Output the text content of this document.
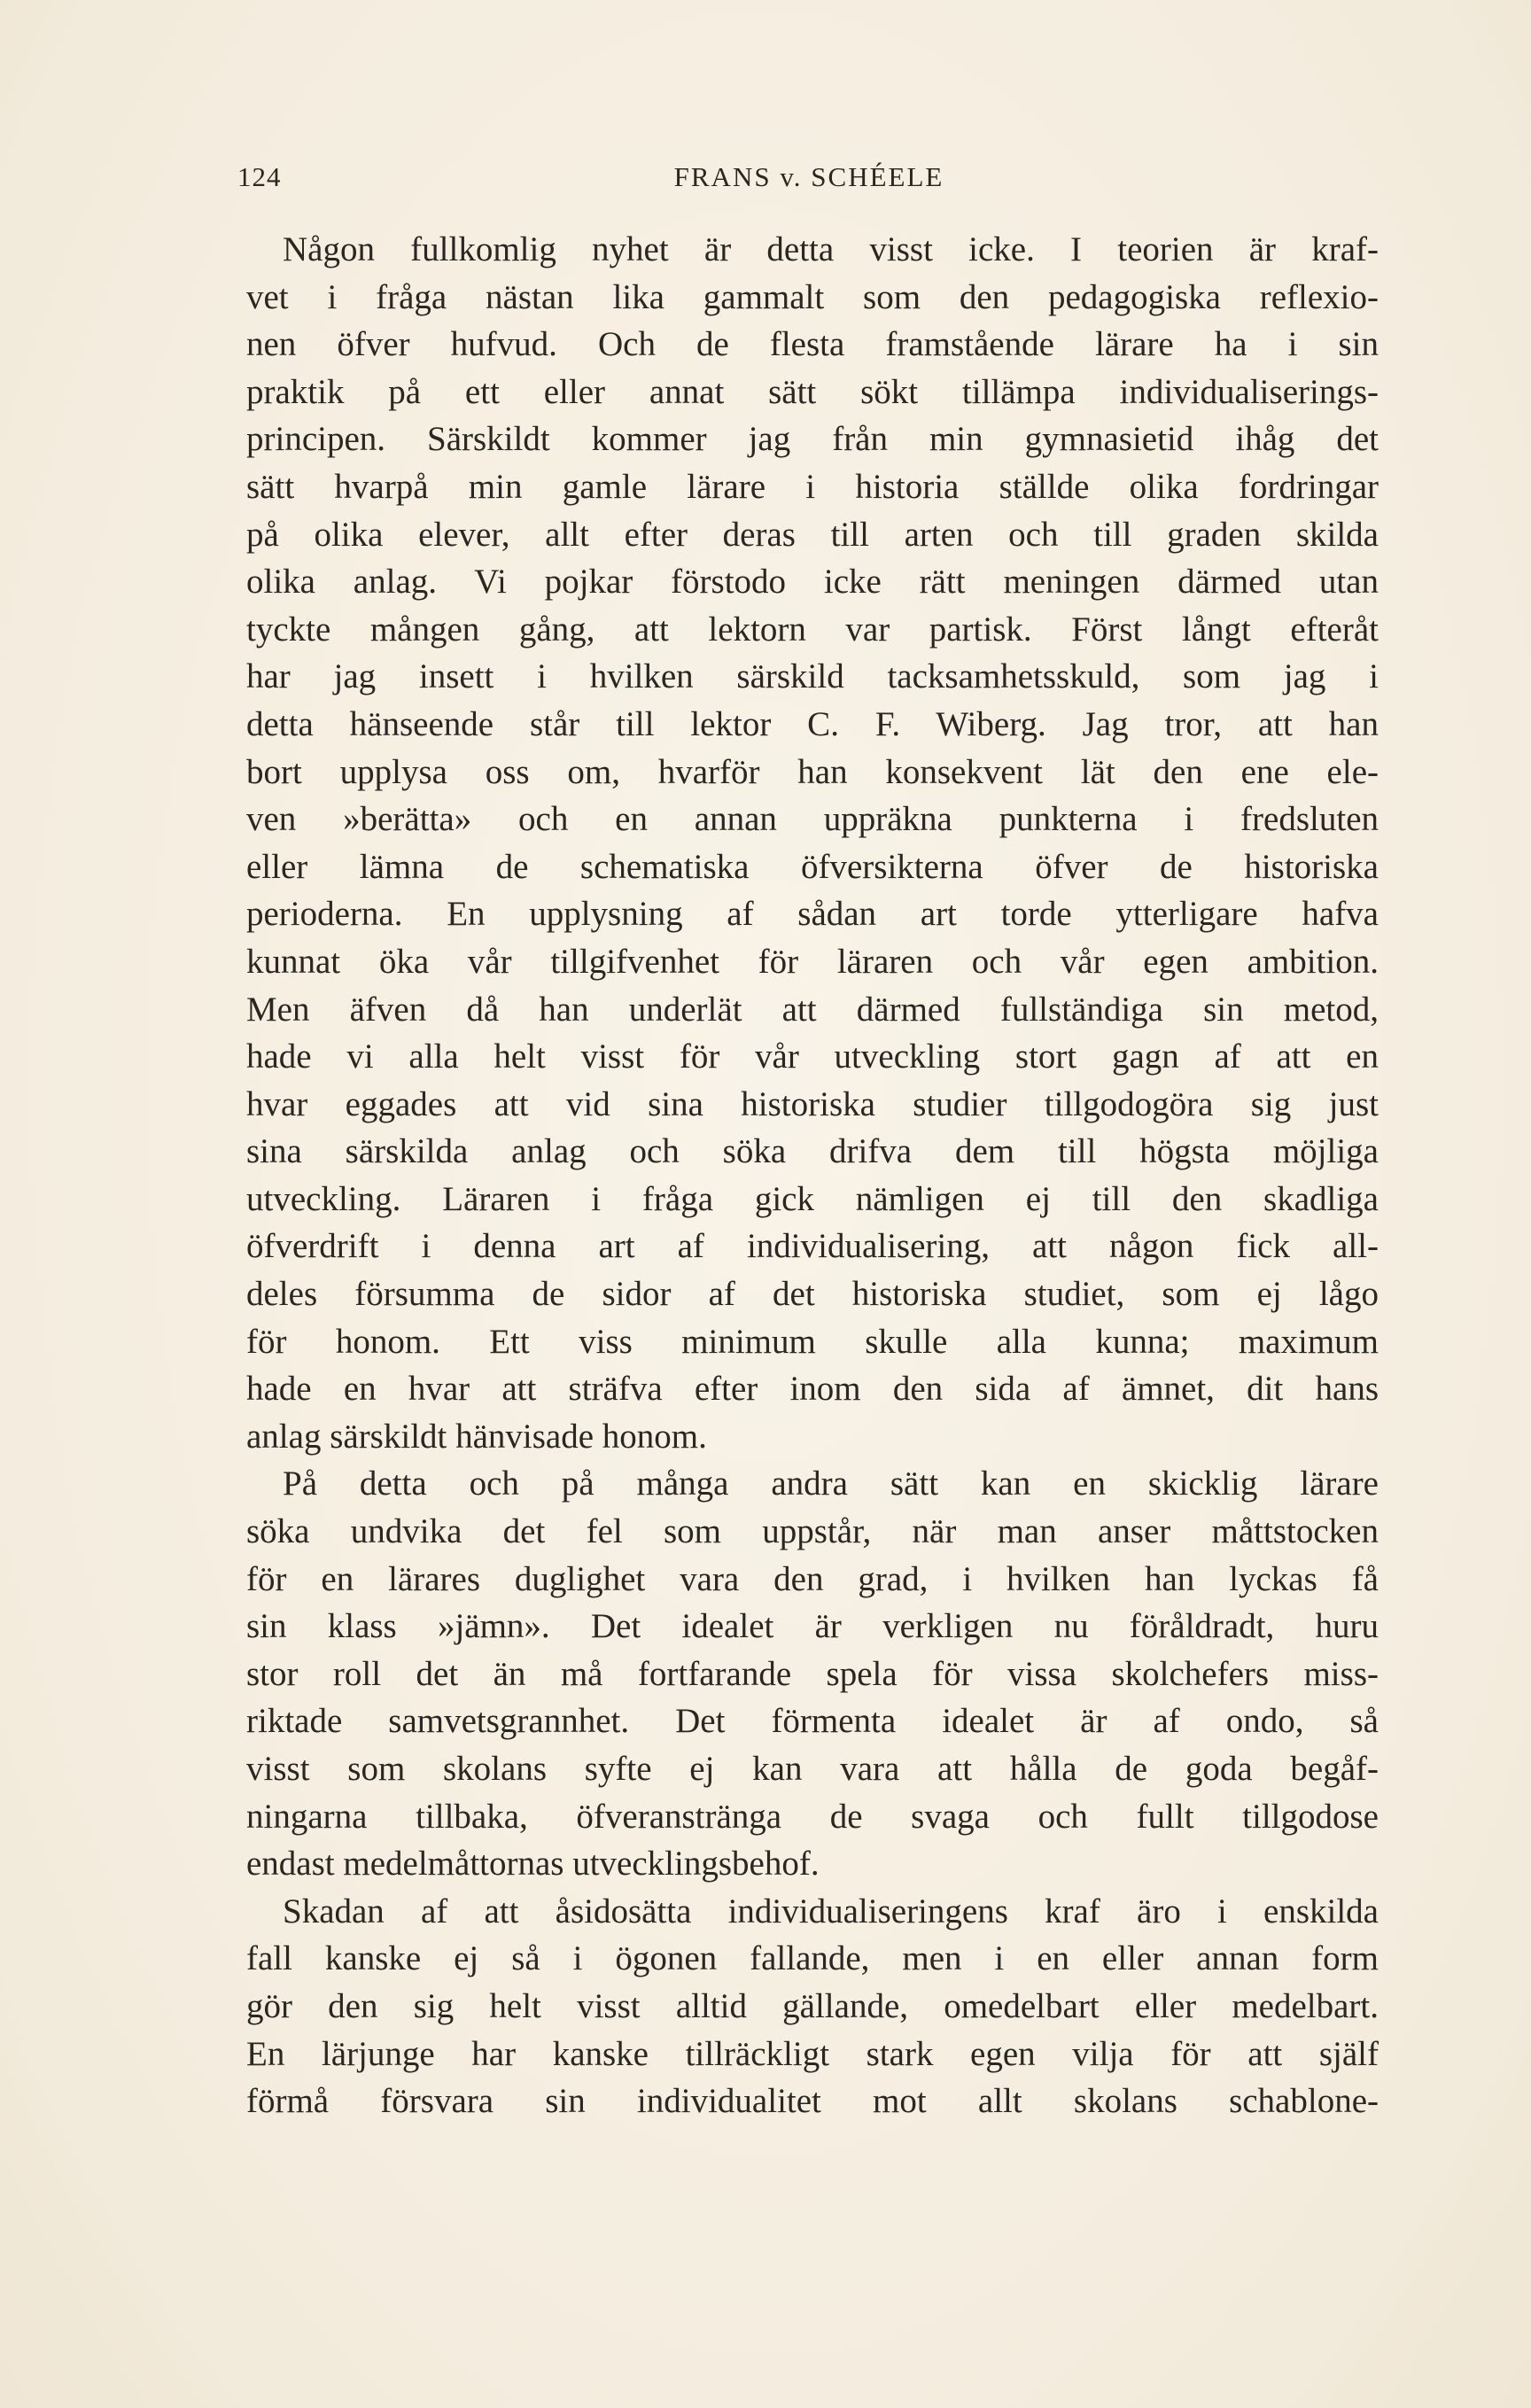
124	FRANS v. SCHÉELE
Någon fullkomlig nyhet är detta visst icke. I teorien är kraf-
vet i fråga nästan lika gammalt som den pedagogiska reflexio-
nen öfver hufvud. Och de flesta framstående lärare ha i sin
praktik på ett eller annat sätt sökt tillämpa individualiserings-
principen. Särskildt kommer jag från min gymnasietid ihåg det
sätt hvarpå min gamle lärare i historia ställde olika fordringar
på olika elever, allt efter deras till arten och till graden skilda
olika anlag. Vi pojkar förstodo icke rätt meningen därmed utan
tyckte mången gång, att lektorn var partisk. Först långt efteråt
har jag insett i hvilken särskild tacksamhetsskuld, som jag i
detta hänseende står till lektor C. F. Wiberg. Jag tror, att han
bort upplysa oss om, hvarför han konsekvent lät den ene ele-
ven »berätta» och en annan uppräkna punkterna i fredsluten
eller lämna de schematiska öfversikterna öfver de historiska
perioderna. En upplysning af sådan art torde ytterligare hafva
kunnat öka vår tillgifvenhet för läraren och vår egen ambition.
Men äfven då han underlät att därmed fullständiga sin metod,
hade vi alla helt visst för vår utveckling stort gagn af att en
hvar eggades att vid sina historiska studier tillgodogöra sig just
sina särskilda anlag och söka drifva dem till högsta möjliga
utveckling. Läraren i fråga gick nämligen ej till den skadliga
öfverdrift i denna art af individualisering, att någon fick all-
deles försumma de sidor af det historiska studiet, som ej lågo
för honom. Ett viss minimum skulle alla kunna; maximum
hade en hvar att sträfva efter inom den sida af ämnet, dit hans
anlag särskildt hänvisade honom.
På detta och på många andra sätt kan en skicklig lärare
söka undvika det fel som uppstår, när man anser måttstocken
för en lärares duglighet vara den grad, i hvilken han lyckas få
sin klass »jämn». Det idealet är verkligen nu föråldradt, huru
stor roll det än må fortfarande spela för vissa skolchefers miss-
riktade samvetsgrannhet. Det förmenta idealet är af ondo, så
visst som skolans syfte ej kan vara att hålla de goda begåf-
ningarna tillbaka, öfveranstränga de svaga och fullt tillgodose
endast medelmåttornas utvecklingsbehof.
Skadan af att åsidosätta individualiseringens kraf äro i enskilda
fall kanske ej så i ögonen fallande, men i en eller annan form
gör den sig helt visst alltid gällande, omedelbart eller medelbart.
En lärjunge har kanske tillräckligt stark egen vilja för att själf
förmå försvara sin individualitet mot allt skolans schablone-
